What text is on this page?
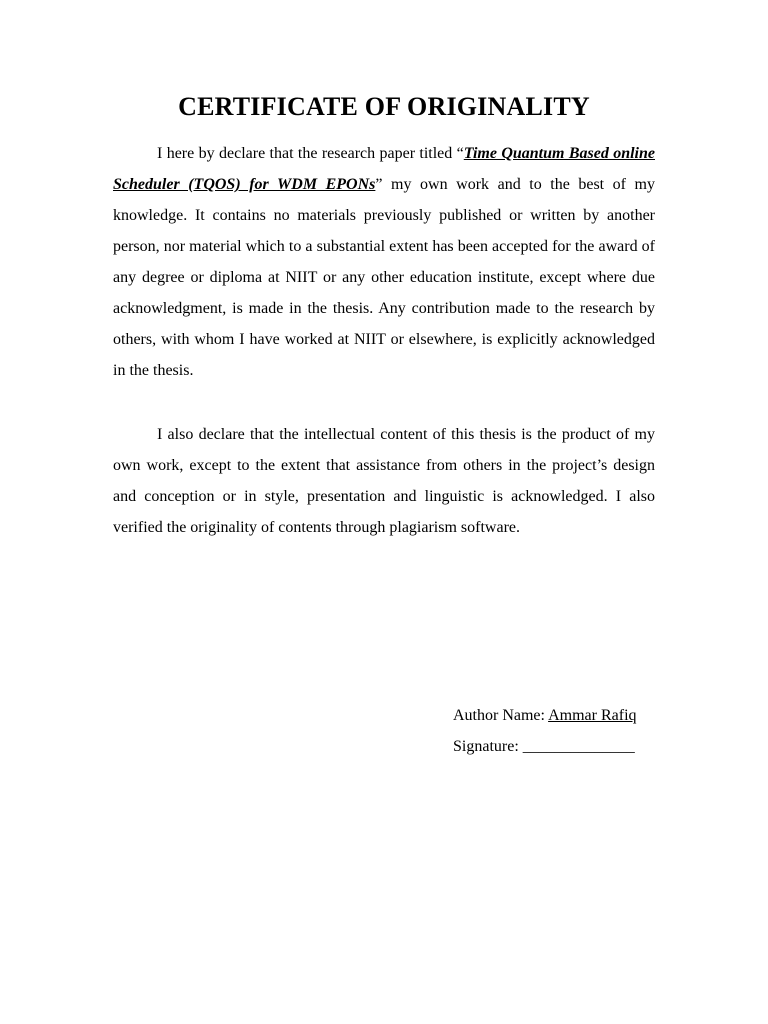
CERTIFICATE OF ORIGINALITY

I here by declare that the research paper titled “Time Quantum Based online Scheduler (TQOS) for WDM EPONs” my own work and to the best of my knowledge. It contains no materials previously published or written by another person, nor material which to a substantial extent has been accepted for the award of any degree or diploma at NIIT or any other education institute, except where due acknowledgment, is made in the thesis. Any contribution made to the research by others, with whom I have worked at NIIT or elsewhere, is explicitly acknowledged in the thesis.

I also declare that the intellectual content of this thesis is the product of my own work, except to the extent that assistance from others in the project’s design and conception or in style, presentation and linguistic is acknowledged. I also verified the originality of contents through plagiarism software.

Author Name: Ammar Rafiq
Signature: ______________
